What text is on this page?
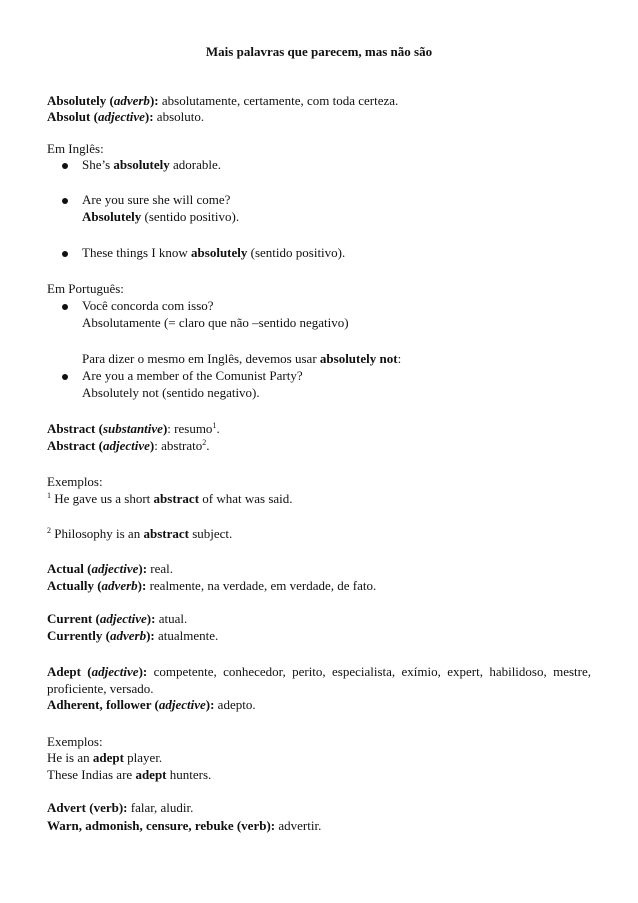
Mais palavras que parecem, mas não são
Absolutely (adverb): absolutamente, certamente, com toda certeza.
Absolut (adjective): absoluto.
Em Inglês:
She’s absolutely adorable.
Are you sure she will come?
Absolutely (sentido positivo).
These things I know absolutely (sentido positivo).
Em Português:
Você concorda com isso?
Absolutamente (= claro que não –sentido negativo)
Para dizer o mesmo em Inglês, devemos usar absolutely not:
Are you a member of the Comunist Party?
Absolutely not (sentido negativo).
Abstract (substantive): resumo$^1$.
Abstract (adjective): abstrato$^2$.
Exemplos:
$^1$ He gave us a short abstract of what was said.
$^2$ Philosophy is an abstract subject.
Actual (adjective): real.
Actually (adverb): realmente, na verdade, em verdade, de fato.
Current (adjective): atual.
Currently (adverb): atualmente.
Adept (adjective): competente, conhecedor, perito, especialista, exímio, expert, habilidoso, mestre,
proficiente, versado.
Adherent, follower (adjective): adepto.
Exemplos:
He is an adept player.
These Indias are adept hunters.
Advert (verb): falar, aludir.
Warn, admonish, censure, rebuke (verb): advertir.
